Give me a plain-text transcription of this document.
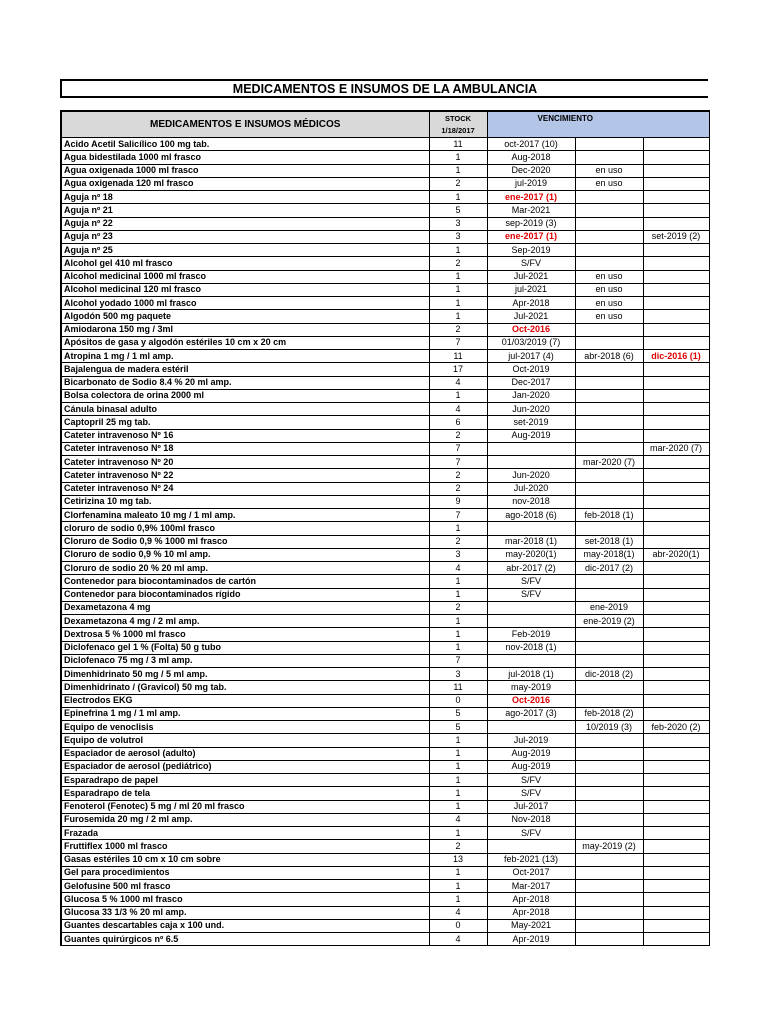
MEDICAMENTOS E INSUMOS DE LA AMBULANCIA
MEDICAMENTOS E INSUMOS MÉDICOS	STOCK
1/18/2017	VENCIMIENTO		
Acido Acetil Salicílico 100 mg tab.	11	oct-2017 (10)		
Agua bidestilada 1000 ml frasco	1	Aug-2018		
Agua oxigenada 1000 ml frasco	1	Dec-2020	en uso	
Agua oxigenada 120 ml frasco	2	jul-2019	en uso	
Aguja nº 18	1	ene-2017 (1)		
Aguja nº 21	5	Mar-2021		
Aguja nº 22	3	sep-2019 (3)		
Aguja nº 23	3	ene-2017 (1)		set-2019 (2)
Aguja nº 25	1	Sep-2019		
Alcohol gel 410 ml frasco	2	S/FV		
Alcohol medicinal 1000 ml frasco	1	Jul-2021	en uso	
Alcohol medicinal 120 ml frasco	1	jul-2021	en uso	
Alcohol yodado 1000 ml frasco	1	Apr-2018	en uso	
Algodón 500 mg paquete	1	Jul-2021	en uso	
Amiodarona 150 mg / 3ml	2	Oct-2016		
Apósitos de gasa y algodón estériles 10 cm x 20 cm	7	01/03/2019 (7)		
Atropina 1 mg / 1 ml amp.	11	jul-2017 (4)	abr-2018 (6)	dic-2016 (1)
Bajalengua de madera estéril	17	Oct-2019		
Bicarbonato de Sodio 8.4 % 20 ml amp.	4	Dec-2017		
Bolsa colectora de orina 2000 ml	1	Jan-2020		
Cánula binasal adulto	4	Jun-2020		
Captopril 25 mg tab.	6	set-2019		
Cateter intravenoso Nº 16	2	Aug-2019		
Cateter intravenoso Nº 18	7			mar-2020 (7)
Cateter intravenoso Nº 20	7		mar-2020 (7)	
Cateter intravenoso Nº 22	2	Jun-2020		
Cateter intravenoso Nº 24	2	Jul-2020		
Cetirizina 10 mg tab.	9	nov-2018		
Clorfenamina maleato 10 mg / 1 ml amp.	7	ago-2018 (6)	feb-2018 (1)	
cloruro de sodio 0,9% 100ml frasco	1			
Cloruro de Sodio 0,9 % 1000 ml frasco	2	mar-2018 (1)	set-2018 (1)	
Cloruro de sodio 0,9 % 10 ml amp.	3	may-2020(1)	may-2018(1)	abr-2020(1)
Cloruro de sodio 20 % 20 ml amp.	4	abr-2017 (2)	dic-2017 (2)	
Contenedor para biocontaminados de cartón	1	S/FV		
Contenedor para biocontaminados rígido	1	S/FV		
Dexametazona 4 mg	2		ene-2019	
Dexametazona 4 mg / 2 ml amp.	1		ene-2019 (2)	
Dextrosa 5 % 1000 ml frasco	1	Feb-2019		
Diclofenaco gel 1 % (Folta) 50 g tubo	1	nov-2018 (1)		
Diclofenaco 75 mg / 3 ml amp.	7			
Dimenhidrinato 50 mg / 5 ml amp.	3	jul-2018 (1)	dic-2018 (2)	
Dimenhidrinato / (Gravicol) 50 mg tab.	11	may-2019		
Electrodos EKG	0	Oct-2016		
Epinefrina 1 mg / 1 ml amp.	5	ago-2017 (3)	feb-2018 (2)	
Equipo de venoclisis	5		10/2019 (3)	feb-2020 (2)
Equipo de volutrol	1	Jul-2019		
Espaciador de aerosol (adulto)	1	Aug-2019		
Espaciador de aerosol (pediátrico)	1	Aug-2019		
Esparadrapo de papel	1	S/FV		
Esparadrapo de tela	1	S/FV		
Fenoterol (Fenotec) 5 mg / ml 20 ml frasco	1	Jul-2017		
Furosemida 20 mg / 2 ml amp.	4	Nov-2018		
Frazada	1	S/FV		
Fruttiflex 1000 ml frasco	2		may-2019 (2)	
Gasas estériles 10 cm x 10 cm sobre	13	feb-2021 (13)		
Gel para procedimientos	1	Oct-2017		
Gelofusine 500 ml frasco	1	Mar-2017		
Glucosa 5 % 1000 ml frasco	1	Apr-2018		
Glucosa 33 1/3 % 20 ml amp.	4	Apr-2018		
Guantes descartables caja x 100 und.	0	May-2021		
Guantes quirúrgicos nº 6.5	4	Apr-2019		
